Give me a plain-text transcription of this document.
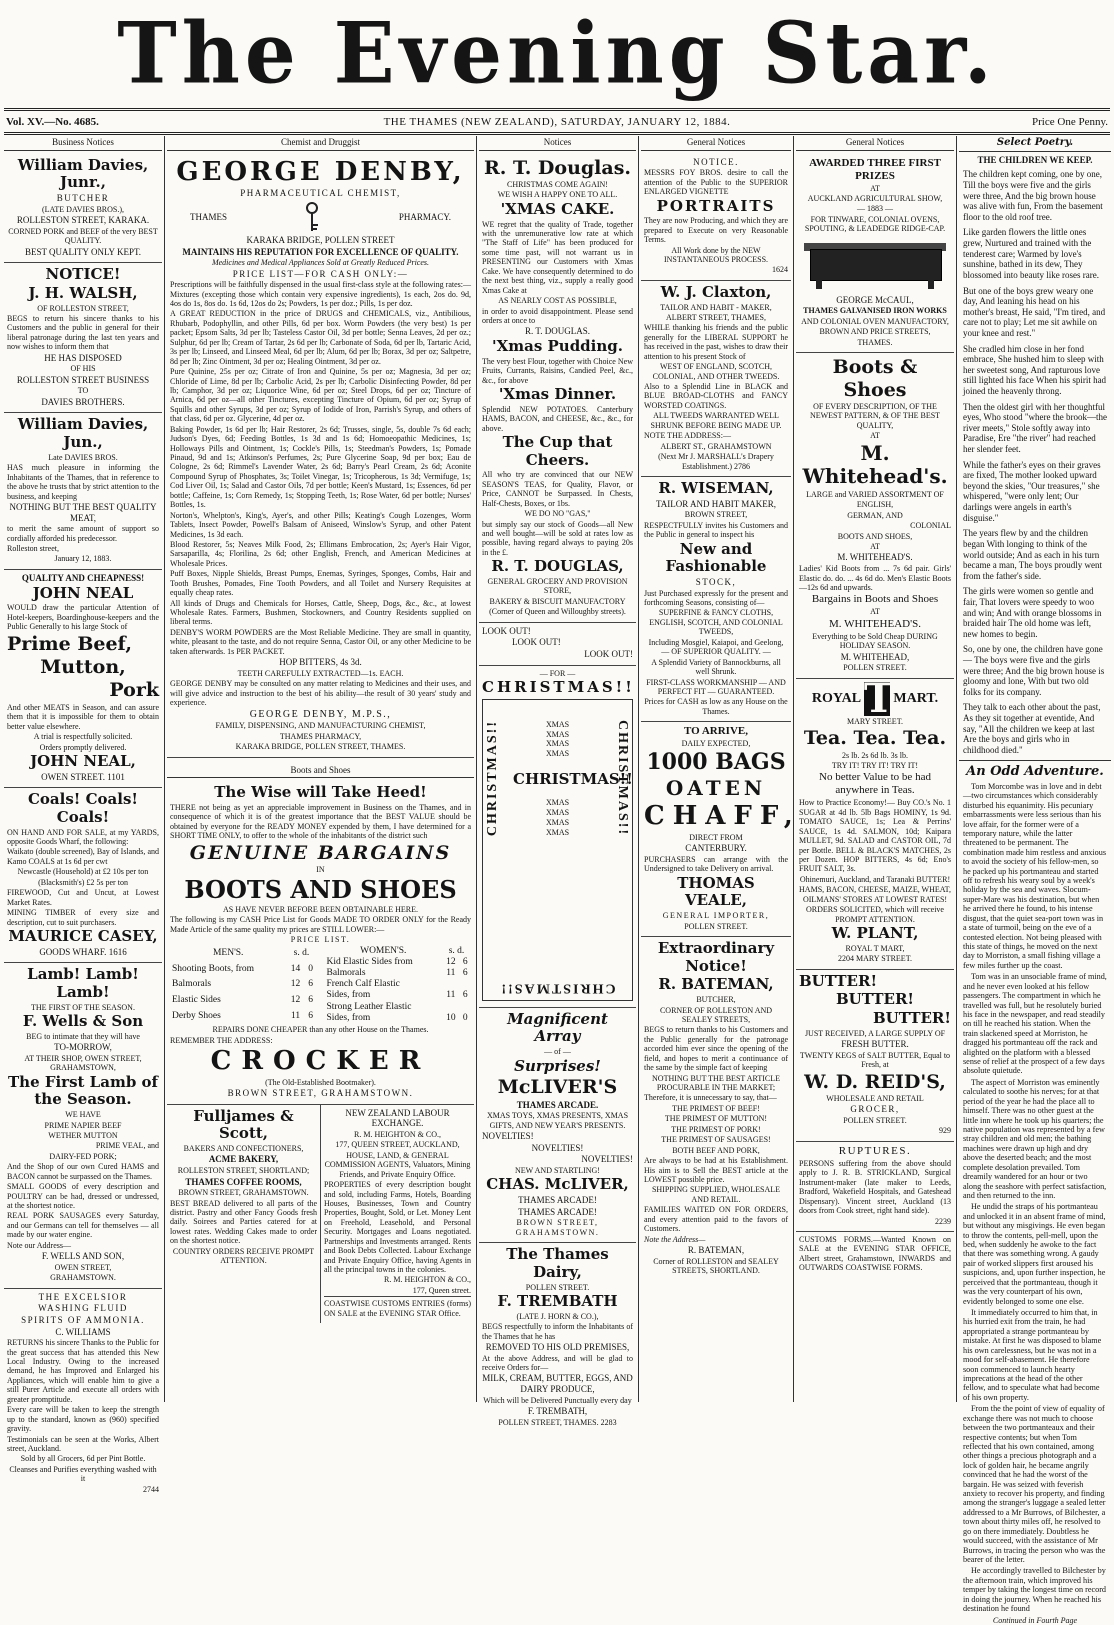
The Evening Star.
Vol. XV.—No. 4685.	THE THAMES (NEW ZEALAND), SATURDAY, JANUARY 12, 1884.	Price One Penny.
Business Notices

William Davies, Junr.,

BUTCHER

(LATE DAVIES BROS.),

ROLLESTON STREET, KARAKA.

CORNED PORK and BEEF of the very BEST QUALITY.

BEST QUALITY ONLY KEPT.

NOTICE!

J. H. WALSH,

OF ROLLESTON STREET,

BEGS to return his sincere thanks to his Customers and the public in general for their liberal patronage during the last ten years and now wishes to inform them that

HE HAS DISPOSED

OF HIS

ROLLESTON STREET BUSINESS

TO

DAVIES BROTHERS.

William Davies, Jun.,

Late DAVIES BROS.

HAS much pleasure in informing the Inhabitants of the Thames, that in reference to the above he trusts that by strict attention to the business, and keeping

NOTHING BUT THE BEST QUALITY MEAT,

to merit the same amount of support so cordially afforded his predecessor.

Rolleston street,

January 12, 1883.

QUALITY AND CHEAPNESS!

JOHN NEAL

WOULD draw the particular Attention of Hotel-keepers, Boardinghouse-keepers and the Public Generally to his large Stock of

Prime Beef,

Mutton,

Pork

And other MEATS in Season, and can assure them that it is impossible for them to obtain better value elsewhere.

A trial is respectfully solicited.

Orders promptly delivered.

JOHN NEAL,

OWEN STREET. 1101

Coals! Coals! Coals!

ON HAND AND FOR SALE, at my YARDS, opposite Goods Wharf, the following:

Waikato (double screened), Bay of Islands, and Kamo COALS at 1s 6d per cwt

Newcastle (Household) at £2 10s per ton

(Blacksmith's) £2 5s per ton

FIREWOOD, Cut and Uncut, at Lowest Market Rates.

MINING TIMBER of every size and description, cut to suit purchasers.

MAURICE CASEY,

GOODS WHARF. 1616

Lamb! Lamb! Lamb!

THE FIRST OF THE SEASON.

F. Wells & Son

BEG to intimate that they will have

TO-MORROW,

AT THEIR SHOP, OWEN STREET, GRAHAMSTOWN,

The First Lamb of the Season.

WE HAVE

PRIME NAPIER BEEF

WETHER MUTTON

PRIME VEAL, and

DAIRY-FED PORK;

And the Shop of our own Cured HAMS and BACON cannot be surpassed on the Thames.

SMALL GOODS of every description and POULTRY can be had, dressed or undressed, at the shortest notice.

REAL PORK SAUSAGES every Saturday, and our Germans can tell for themselves — all made by our water engine.

Note our Address—

F. WELLS AND SON,

OWEN STREET,

GRAHAMSTOWN.

THE EXCELSIOR

WASHING FLUID

SPIRITS OF AMMONIA.

C. WILLIAMS

RETURNS his sincere Thanks to the Public for the great success that has attended this New Local Industry. Owing to the increased demand, he has Improved and Enlarged his Appliances, which will enable him to give a still Purer Article and execute all orders with greater promptitude.

Every care will be taken to keep the strength up to the standard, known as (960) specified gravity.

Testimonials can be seen at the Works, Albert street, Auckland.

Sold by all Grocers, 6d per Pint Bottle.

Cleanses and Purifies everything washed with it

2744

Chemist and Druggist

GEORGE DENBY,

PHARMACEUTICAL CHEMIST,

THAMES	PHARMACY.

KARAKA BRIDGE, POLLEN STREET

MAINTAINS HIS REPUTATION FOR EXCELLENCE OF QUALITY.

Medicines and Medical Appliances Sold at Greatly Reduced Prices.

PRICE LIST—FOR CASH ONLY:—

Prescriptions will be faithfully dispensed in the usual first-class style at the following rates:—Mixtures (excepting those which contain very expensive ingredients), 1s each, 2os do. 9d, 4os do 1s, 8os do. 1s 6d, 12os do 2s; Powders, 1s per doz.; Pills, 1s per doz.

A GREAT REDUCTION in the price of DRUGS and CHEMICALS, viz., Antibilious, Rhubarb, Podophyllin, and other Pills, 6d per box. Worm Powders (the very best) 1s per packet; Epsom Salts, 3d per lb; Tasteless Castor Oil, 3d per bottle; Senna Leaves, 2d per oz.; Sulphur, 6d per lb; Cream of Tartar, 2s 6d per lb; Carbonate of Soda, 6d per lb, Tartaric Acid, 3s per lb; Linseed, and Linseed Meal, 6d per lb; Alum, 6d per lb; Borax, 3d per oz; Saltpetre, 8d per lb; Zinc Ointment, 3d per oz; Healing Ointment, 3d per oz.

Pure Quinine, 25s per oz; Citrate of Iron and Quinine, 5s per oz; Magnesia, 3d per oz; Chloride of Lime, 8d per lb; Carbolic Acid, 2s per lb; Carbolic Disinfecting Powder, 8d per lb; Camphor, 3d per oz; Liquorice Wine, 6d per oz; Steel Drops, 6d per oz; Tincture of Arnica, 6d per oz—all other Tinctures, excepting Tincture of Opium, 6d per oz; Syrup of Squills and other Syrups, 3d per oz; Syrup of Iodide of Iron, Parrish's Syrup, and others of that class, 6d per oz. Glycerine, 4d per oz.

Baking Powder, 1s 6d per lb; Hair Restorer, 2s 6d; Trusses, single, 5s, double 7s 6d each; Judson's Dyes, 6d; Feeding Bottles, 1s 3d and 1s 6d; Homoeopathic Medicines, 1s; Holloways Pills and Ointment, 1s; Cockle's Pills, 1s; Steedman's Powders, 1s; Pomade Pinaud, 9d and 1s; Atkinson's Perfumes, 2s; Pure Glycerine Soap, 9d per box; Eau de Cologne, 2s 6d; Rimmel's Lavender Water, 2s 6d; Barry's Pearl Cream, 2s 6d; Aconite Compound Syrup of Phosphates, 3s; Toilet Vinegar, 1s; Tricopherous, 1s 3d; Vermifuge, 1s; Cod Liver Oil, 1s; Salad and Castor Oils, 7d per bottle; Keen's Mustard, 1s; Essences, 6d per bottle; Caffeine, 1s; Corn Remedy, 1s; Stopping Teeth, 1s; Rose Water, 6d per bottle; Nurses' Bottles, 1s.

Norton's, Whelpton's, King's, Ayer's, and other Pills; Keating's Cough Lozenges, Worm Tablets, Insect Powder, Powell's Balsam of Aniseed, Winslow's Syrup, and other Patent Medicines, 1s 3d each.

Blood Restorer, 5s; Neaves Milk Food, 2s; Ellimans Embrocation, 2s; Ayer's Hair Vigor, Sarsaparilla, 4s; Florilina, 2s 6d; other English, French, and American Medicines at Wholesale Prices.

Puff Boxes, Nipple Shields, Breast Pumps, Enemas, Syringes, Sponges, Combs, Hair and Tooth Brushes, Pomades, Fine Tooth Powders, and all Toilet and Nursery Requisites at equally cheap rates.

All kinds of Drugs and Chemicals for Horses, Cattle, Sheep, Dogs, &c., &c., at lowest Wholesale Rates. Farmers, Bushmen, Stockowners, and Country Residents supplied on liberal terms.

DENBY'S WORM POWDERS are the Most Reliable Medicine. They are small in quantity, white, pleasant to the taste, and do not require Senna, Castor Oil, or any other Medicine to be taken afterwards. 1s PER PACKET.

HOP BITTERS, 4s 3d.

TEETH CAREFULLY EXTRACTED—1s. EACH.

GEORGE DENBY may be consulted on any matter relating to Medicines and their uses, and will give advice and instruction to the best of his ability—the result of 30 years' study and experience.

GEORGE DENBY, M.P.S.,

FAMILY, DISPENSING, AND MANUFACTURING CHEMIST,

THAMES PHARMACY,

KARAKA BRIDGE, POLLEN STREET, THAMES.

Boots and Shoes

The Wise will Take Heed!

THERE not being as yet an appreciable improvement in Business on the Thames, and in consequence of which it is of the greatest importance that the BEST VALUE should be obtained by everyone for the READY MONEY expended by them, I have determined for a SHORT TIME ONLY, to offer to the whole of the inhabitants of the district such

GENUINE BARGAINS

IN

BOOTS AND SHOES

AS HAVE NEVER BEFORE BEEN OBTAINABLE HERE.

The following is my CASH Price List for Goods MADE TO ORDER ONLY for the Ready Made Article of the same quality my prices are STILL LOWER:—

PRICE LIST.

MEN'S.	s. d.	
Shooting Boots, from	14	0
Balmorals	12	6
Elastic Sides	12	6
Derby Shoes	11	6
WOMEN'S.	s. d.	
Kid Elastic Sides from	12	6
Balmorals	11	6
French Calf Elastic		
Sides, from	11	6
Strong Leather Elastic		
Sides, from	10	0

REPAIRS DONE CHEAPER than any other House on the Thames.

REMEMBER THE ADDRESS:

CROCKER

(The Old-Established Bootmaker).

BROWN STREET, GRAHAMSTOWN.

Fulljames & Scott,

BAKERS AND CONFECTIONERS,

ACME BAKERY,

ROLLESTON STREET, SHORTLAND;

THAMES COFFEE ROOMS,

BROWN STREET, GRAHAMSTOWN.

BEST BREAD delivered to all parts of the district. Pastry and other Fancy Goods fresh daily. Soirees and Parties catered for at lowest rates. Wedding Cakes made to order on the shortest notice.

COUNTRY ORDERS RECEIVE PROMPT ATTENTION.

NEW ZEALAND LABOUR EXCHANGE.

R. M. HEIGHTON & CO.,

177, QUEEN STREET, AUCKLAND,

HOUSE, LAND, & GENERAL COMMISSION AGENTS, Valuators, Mining Friends, and Private Enquiry Office.

PROPERTIES of every description bought and sold, including Farms, Hotels, Boarding Houses, Businesses, Town and Country Properties, Bought, Sold, or Let. Money Lent on Freehold, Leasehold, and Personal Security. Mortgages and Loans negotiated. Partnerships and Investments arranged. Rents and Book Debts Collected. Labour Exchange and Private Enquiry Office, having Agents in all the principal towns in the colonies.

R. M. HEIGHTON & CO.,

177, Queen street.

COASTWISE CUSTOMS ENTRIES (forms) ON SALE at the EVENING STAR Office.

Notices

R. T. Douglas.

CHRISTMAS COME AGAIN!

WE WISH A HAPPY ONE TO ALL.

'XMAS CAKE.

WE regret that the quality of Trade, together with the unremunerative low rate at which "The Staff of Life" has been produced for some time past, will not warrant us in PRESENTING our Customers with Xmas Cake. We have consequently determined to do the next best thing, viz., supply a really good Xmas Cake at

AS NEARLY COST AS POSSIBLE,

in order to avoid disappointment. Please send orders at once to

R. T. DOUGLAS.

'Xmas Pudding.

The very best Flour, together with Choice New Fruits, Currants, Raisins, Candied Peel, &c., &c., for above

'Xmas Dinner.

Splendid NEW POTATOES. Canterbury HAMS, BACON, and CHEESE, &c., &c., for above.

The Cup that Cheers.

All who try are convinced that our NEW SEASON'S TEAS, for Quality, Flavor, or Price, CANNOT be Surpassed. In Chests, Half-Chests, Boxes, or 1bs.

WE DO NO "GAS,"

but simply say our stock of Goods—all New and well bought—will be sold at rates low as possible, having regard always to paying 20s in the £.

R. T. DOUGLAS,

GENERAL GROCERY AND PROVISION STORE,

BAKERY & BISCUIT MANUFACTORY

(Corner of Queen and Willoughby streets).

LOOK OUT!

LOOK OUT!

LOOK OUT!

— FOR —

CHRISTMAS!!

CHRISTMAS!!	CHRISTMAS!!

XMAS

XMAS

XMAS

XMAS

CHRISTMAS!!

XMAS

XMAS

XMAS

XMAS

CHRISTMAS!!

Magnificent Array

— of —

Surprises!

McLIVER'S

THAMES ARCADE.

XMAS TOYS, XMAS PRESENTS, XMAS GIFTS, AND NEW YEAR'S PRESENTS.

NOVELTIES!

NOVELTIES!

NOVELTIES!

NEW AND STARTLING!

CHAS. McLIVER,

THAMES ARCADE!

THAMES ARCADE!

BROWN STREET, GRAHAMSTOWN.

The Thames Dairy,

POLLEN STREET.

F. TREMBATH

(LATE J. HORN & CO.),

BEGS respectfully to inform the Inhabitants of the Thames that he has

REMOVED TO HIS OLD PREMISES,

At the above Address, and will be glad to receive Orders for—

MILK, CREAM, BUTTER, EGGS, AND DAIRY PRODUCE,

Which will be Delivered Punctually every day

F. TREMBATH,

POLLEN STREET, THAMES. 2283

General Notices

NOTICE.

MESSRS FOY BROS. desire to call the attention of the Public to the SUPERIOR ENLARGED VIGNETTE

PORTRAITS

They are now Producing, and which they are prepared to Execute on very Reasonable Terms.

All Work done by the NEW INSTANTANEOUS PROCESS.

1624

W. J. Claxton,

TAILOR AND HABIT - MAKER,

ALBERT STREET, THAMES,

WHILE thanking his friends and the public generally for the LIBERAL SUPPORT he has received in the past, wishes to draw their attention to his present Stock of

WEST OF ENGLAND, SCOTCH, COLONIAL, AND OTHER TWEEDS.

Also to a Splendid Line in BLACK and BLUE BROAD-CLOTHS and FANCY WORSTED COATINGS.

ALL TWEEDS WARRANTED WELL SHRUNK BEFORE BEING MADE UP.

NOTE THE ADDRESS:—

ALBERT ST., GRAHAMSTOWN

(Next Mr J. MARSHALL's Drapery Establishment.) 2786

R. WISEMAN,

TAILOR AND HABIT MAKER,

BROWN STREET,

RESPECTFULLY invites his Customers and the Public in general to inspect his

New and Fashionable

STOCK,

Just Purchased expressly for the present and forthcoming Seasons, consisting of—

SUPERFINE & FANCY CLOTHS, ENGLISH, SCOTCH, AND COLONIAL TWEEDS,

Including Mosgiel, Kaiapoi, and Geelong, — OF SUPERIOR QUALITY. —

A Splendid Variety of Bannockburns, all well Shrunk.

FIRST-CLASS WORKMANSHIP — AND PERFECT FIT — GUARANTEED.

Prices for CASH as low as any House on the Thames.

TO ARRIVE,

DAILY EXPECTED,

1000 BAGS

OATEN

CHAFF,

DIRECT FROM

CANTERBURY.

PURCHASERS can arrange with the Undersigned to take Delivery on arrival.

THOMAS VEALE,

GENERAL IMPORTER,

POLLEN STREET.

Extraordinary Notice!

R. BATEMAN,

BUTCHER,

CORNER OF ROLLESTON AND SEALEY STREETS,

BEGS to return thanks to his Customers and the Public generally for the patronage accorded him ever since the opening of the field, and hopes to merit a continuance of the same by the simple fact of keeping

NOTHING BUT THE BEST ARTICLE PROCURABLE IN THE MARKET;

Therefore, it is unnecessary to say, that—

THE PRIMEST OF BEEF!

THE PRIMEST OF MUTTON!

THE PRIMEST OF PORK!

THE PRIMEST OF SAUSAGES!

BOTH BEEF AND PORK,

Are always to be had at his Establishment. His aim is to Sell the BEST article at the LOWEST possible price.

SHIPPING SUPPLIED, WHOLESALE AND RETAIL.

FAMILIES WAITED ON FOR ORDERS, and every attention paid to the favors of Customers.

Note the Address—

R. BATEMAN,

Corner of ROLLESTON and SEALEY STREETS, SHORTLAND.

General Notices

AWARDED THREE FIRST PRIZES

AT

AUCKLAND AGRICULTURAL SHOW,

— 1883 —

FOR TINWARE, COLONIAL OVENS, SPOUTING, & LEADEDGE RIDGE-CAP.

GEORGE McCAUL,

THAMES GALVANISED IRON WORKS

AND COLONIAL OVEN MANUFACTORY,

BROWN AND PRICE STREETS,

THAMES.

Boots & Shoes

OF EVERY DESCRIPTION, OF THE NEWEST PATTERN, & OF THE BEST QUALITY,

AT

M. Whitehead's.

LARGE and VARIED ASSORTMENT OF

ENGLISH,

GERMAN, AND

COLONIAL

BOOTS AND SHOES,

AT

M. WHITEHEAD'S.

Ladies' Kid Boots from ... 7s 6d pair. Girls' Elastic do. do. ... 4s 6d do. Men's Elastic Boots—12s 6d and upwards.

Bargains in Boots and Shoes

AT

M. WHITEHEAD'S.

Everything to be Sold Cheap DURING HOLIDAY SEASON.

M. WHITEHEAD,

POLLEN STREET.

ROYAL T MART.

MARY STREET.

Tea. Tea. Tea.

2s lb. 2s 6d lb. 3s lb.

TRY IT! TRY IT! TRY IT!

No better Value to be had anywhere in Teas.

How to Practice Economy!— Buy CO.'s No. 1 SUGAR at 4d lb. 5lb Bags HOMINY, 1s 9d. TOMATO SAUCE, 1s; Lea & Perrins' SAUCE, 1s 4d. SALMON, 10d; Kaipara MULLET, 9d. SALAD and CASTOR OIL, 7d per Bottle. BELL & BLACK'S MATCHES, 2s per Dozen. HOP BITTERS, 4s 6d; Eno's FRUIT SALT, 3s.

Ohinemuri, Auckland, and Taranaki BUTTER!

HAMS, BACON, CHEESE, MAIZE, WHEAT, OILMANS' STORES AT LOWEST RATES!

ORDERS SOLICITED, which will receive PROMPT ATTENTION.

W. PLANT,

ROYAL T MART,

2204 MARY STREET.

BUTTER!

BUTTER!

BUTTER!

JUST RECEIVED, A LARGE SUPPLY OF

FRESH BUTTER.

TWENTY KEGS of SALT BUTTER, Equal to Fresh, at

W. D. REID'S,

WHOLESALE AND RETAIL

GROCER,

POLLEN STREET.

929

RUPTURES.

PERSONS suffering from the above should apply to J. R. B. STRICKLAND, Surgical Instrument-maker (late maker to Leeds, Bradford, Wakefield Hospitals, and Gateshead Dispensary). Vincent street, Auckland (13 doors from Cook street, right hand side).

2239

CUSTOMS FORMS.—Wanted Known on SALE at the EVENING STAR OFFICE, Albert street, Grahamstown, INWARDS and OUTWARDS COASTWISE FORMS.

Select Poetry.

THE CHILDREN WE KEEP.

The children kept coming, one by one, Till the boys were five and the girls were three, And the big brown house was alive with fun, From the basement floor to the old roof tree.

Like garden flowers the little ones grew, Nurtured and trained with the tenderest care; Warmed by love's sunshine, bathed in its dew, They blossomed into beauty like roses rare.

But one of the boys grew weary one day, And leaning his head on his mother's breast, He said, "I'm tired, and care not to play; Let me sit awhile on your knee and rest."

She cradled him close in her fond embrace, She hushed him to sleep with her sweetest song, And rapturous love still lighted his face When his spirit had joined the heavenly throng.

Then the oldest girl with her thoughtful eyes, Who stood "where the brook—the river meets," Stole softly away into Paradise, Ere "the river" had reached her slender feet.

While the father's eyes on their graves are fixed, The mother looked upward beyond the skies, "Our treasures," she whispered, "were only lent; Our darlings were angels in earth's disguise."

The years flew by and the children began With longing to think of the world outside; And as each in his turn became a man, The boys proudly went from the father's side.

The girls were women so gentle and fair, That lovers were speedy to woo and win; And with orange blossoms in braided hair The old home was left, new homes to begin.

So, one by one, the children have gone— The boys were five and the girls were three; And the big brown house is gloomy and lone, With but two old folks for its company.

They talk to each other about the past, As they sit together at eventide, And say, "All the children we keep at last Are the boys and girls who in childhood died."

An Odd Adventure.

Tom Morcombe was in love and in debt—two circumstances which considerably disturbed his equanimity. His pecuniary embarrassments were less serious than his love affair, for the former were of a temporary nature, while the latter threatened to be permanent. The combination made him restless and anxious to avoid the society of his fellow-men, so he packed up his portmanteau and started off to refresh his weary soul by a week's holiday by the sea and waves. Slocum-super-Mare was his destination, but when he arrived there he found, to his intense disgust, that the quiet sea-port town was in a state of turmoil, being on the eve of a contested election. Not being pleased with this state of things, he moved on the next day to Morriston, a small fishing village a few miles further up the coast.

Tom was in an unsociable frame of mind, and he never even looked at his fellow passengers. The compartment in which he travelled was full, but he resolutely buried his face in the newspaper, and read steadily on till he reached his station. When the train slackened speed at Morriston, he dragged his portmanteau off the rack and alighted on the platform with a blessed sense of relief at the prospect of a few days absolute quietude.

The aspect of Morriston was eminently calculated to soothe his nerves; for at that period of the year he had the place all to himself. There was no other guest at the little inn where he took up his quarters; the native population was represented by a few stray children and old men; the bathing machines were drawn up high and dry above the deserted beach; and the most complete desolation prevailed. Tom dreamily wandered for an hour or two along the seashore with perfect satisfaction, and then returned to the inn.

He undid the straps of his portmanteau and unlocked it in an absent frame of mind, but without any misgivings. He even began to throw the contents, pell-mell, upon the bed, when suddenly he awoke to the fact that there was something wrong. A gaudy pair of worked slippers first aroused his suspicions, and, upon further inspection, he perceived that the portmanteau, though it was the very counterpart of his own, evidently belonged to some one else.

It immediately occurred to him that, in his hurried exit from the train, he had appropriated a strange portmanteau by mistake. At first he was disposed to blame his own carelessness, but he was not in a mood for self-abasement. He therefore soon commenced to launch hearty imprecations at the head of the other fellow, and to speculate what had become of his own property.

From the the point of view of equality of exchange there was not much to choose between the two portmanteaux and their respective contents; but when Tom reflected that his own contained, among other things a precious photograph and a lock of golden hair, he became angrily convinced that he had the worst of the bargain. He was seized with feverish anxiety to recover his property, and finding among the stranger's luggage a sealed letter addressed to a Mr Burrows, of Bilchester, a town about thirty miles off, he resolved to go on there immediately. Doubtless he would succeed, with the assistance of Mr Burrows, in tracing the person who was the bearer of the letter.

He accordingly travelled to Bilchester by the afternoon train, which improved his temper by taking the longest time on record in doing the journey. When he reached his destination he found

Continued in Fourth Page
